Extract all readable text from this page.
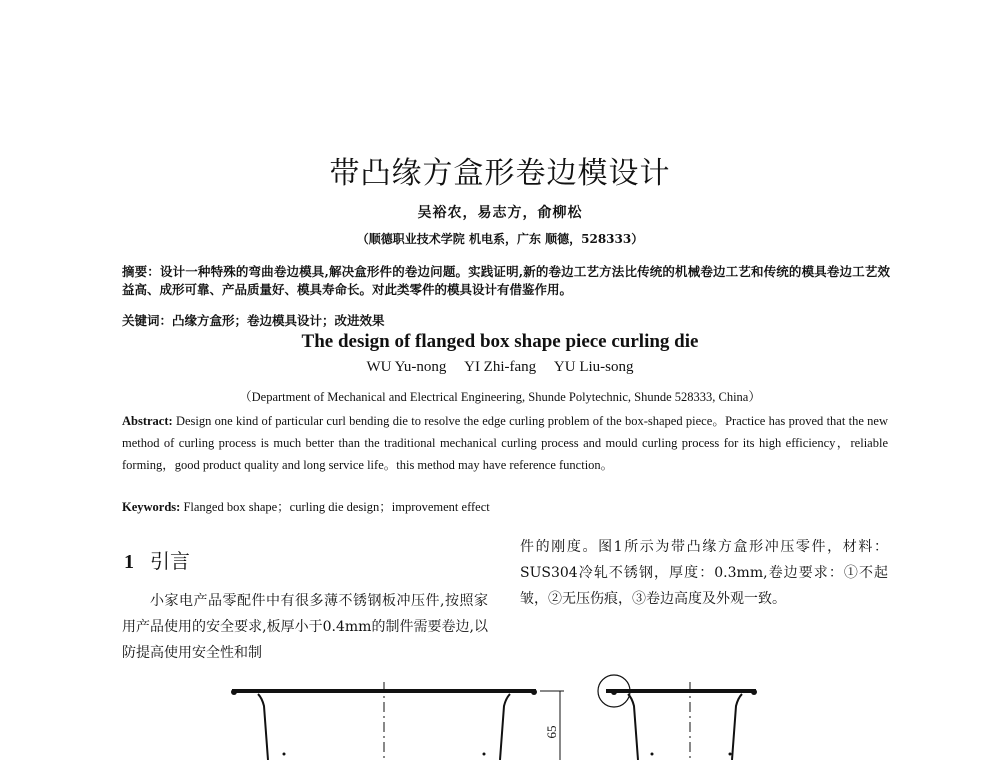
带凸缘方盒形卷边模设计
吴裕农，易志方，俞柳松
（顺德职业技术学院 机电系，广东 顺德，528333）
摘要：设计一种特殊的弯曲卷边模具,解决盒形件的卷边问题。实践证明,新的卷边工艺方法比传统的机械卷边工艺和传统的模具卷边工艺效益高、成形可靠、产品质量好、模具寿命长。对此类零件的模具设计有借鉴作用。
关键词：凸缘方盒形；卷边模具设计；改进效果
The design of flanged box shape piece curling die
WU Yu-nong YI Zhi-fang YU Liu-song
（Department of Mechanical and Electrical Engineering, Shunde Polytechnic, Shunde 528333, China）
Abstract: Design one kind of particular curl bending die to resolve the edge curling problem of the box-shaped piece。Practice has proved that the new method of curling process is much better than the traditional mechanical curling process and mould curling process for its high efficiency，reliable forming，good product quality and long service life。this method may have reference function。
Keywords: Flanged box shape；curling die design；improvement effect
1 引言
小家电产品零配件中有很多薄不锈钢板冲压件,按照家用产品使用的安全要求,板厚小于0.4mm的制件需要卷边,以防提高使用安全性和制
件的刚度。图1所示为带凸缘方盒形冲压零件，材料：SUS304冷轧不锈钢，厚度：0.3mm,卷边要求：①不起皱，②无压伤痕，③卷边高度及外观一致。
65
